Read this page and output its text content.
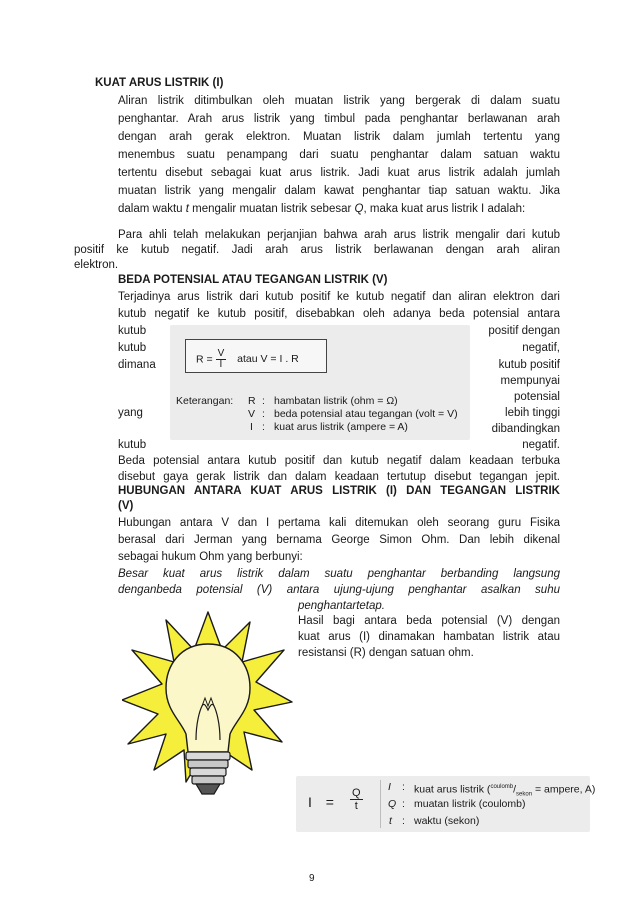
KUAT ARUS LISTRIK (I)
Aliran listrik ditimbulkan oleh muatan listrik yang bergerak di dalam suatu
penghantar. Arah arus listrik yang timbul pada penghantar berlawanan arah
dengan arah gerak elektron. Muatan listrik dalam jumlah tertentu yang
menembus suatu penampang dari suatu penghantar dalam satuan waktu
tertentu disebut sebagai kuat arus listrik. Jadi kuat arus listrik adalah jumlah
muatan listrik yang mengalir dalam kawat penghantar tiap satuan waktu. Jika
dalam waktu t mengalir muatan listrik sebesar Q, maka kuat arus listrik I adalah:
Para ahli telah melakukan perjanjian bahwa arah arus listrik mengalir dari kutub
positif ke kutub negatif. Jadi arah arus listrik berlawanan dengan arah aliran
elektron.
BEDA POTENSIAL ATAU TEGANGAN LISTRIK (V)
Terjadinya arus listrik dari kutub positif ke kutub negatif dan aliran elektron dari
kutub negatif ke kutub positif, disebabkan oleh adanya beda potensial antara
kutub
kutub
dimana
yang
kutub
positif dengan
negatif,
kutub positif
mempunyai
potensial
lebih tinggi
dibandingkan
negatif.
$R = \frac{V}{I}$ atau V = I . R
Keterangan: R : hambatan listrik (ohm = Ω)
V : beda potensial atau tegangan (volt = V)
I : kuat arus listrik (ampere = A)
Beda potensial antara kutub positif dan kutub negatif dalam keadaan terbuka
disebut gaya gerak listrik dan dalam keadaan tertutup disebut tegangan jepit.
HUBUNGAN ANTARA KUAT ARUS LISTRIK (I) DAN TEGANGAN LISTRIK
(V)
Hubungan antara V dan I pertama kali ditemukan oleh seorang guru Fisika
berasal dari Jerman yang bernama George Simon Ohm. Dan lebih dikenal
sebagai hukum Ohm yang berbunyi:
Besar kuat arus listrik dalam suatu penghantar berbanding langsung
denganbeda potensial (V) antara ujung-ujung penghantar asalkan suhu
penghantartetap.
Hasil bagi antara beda potensial (V) dengan
kuat arus (I) dinamakan hambatan listrik atau
resistansi (R) dengan satuan ohm.
$I = \frac{Q}{t}$ I : kuat arus listrik ($^{coulomb}/_{sekon}$ = ampere, A)
Q : muatan listrik (coulomb)
t : waktu (sekon)
9
